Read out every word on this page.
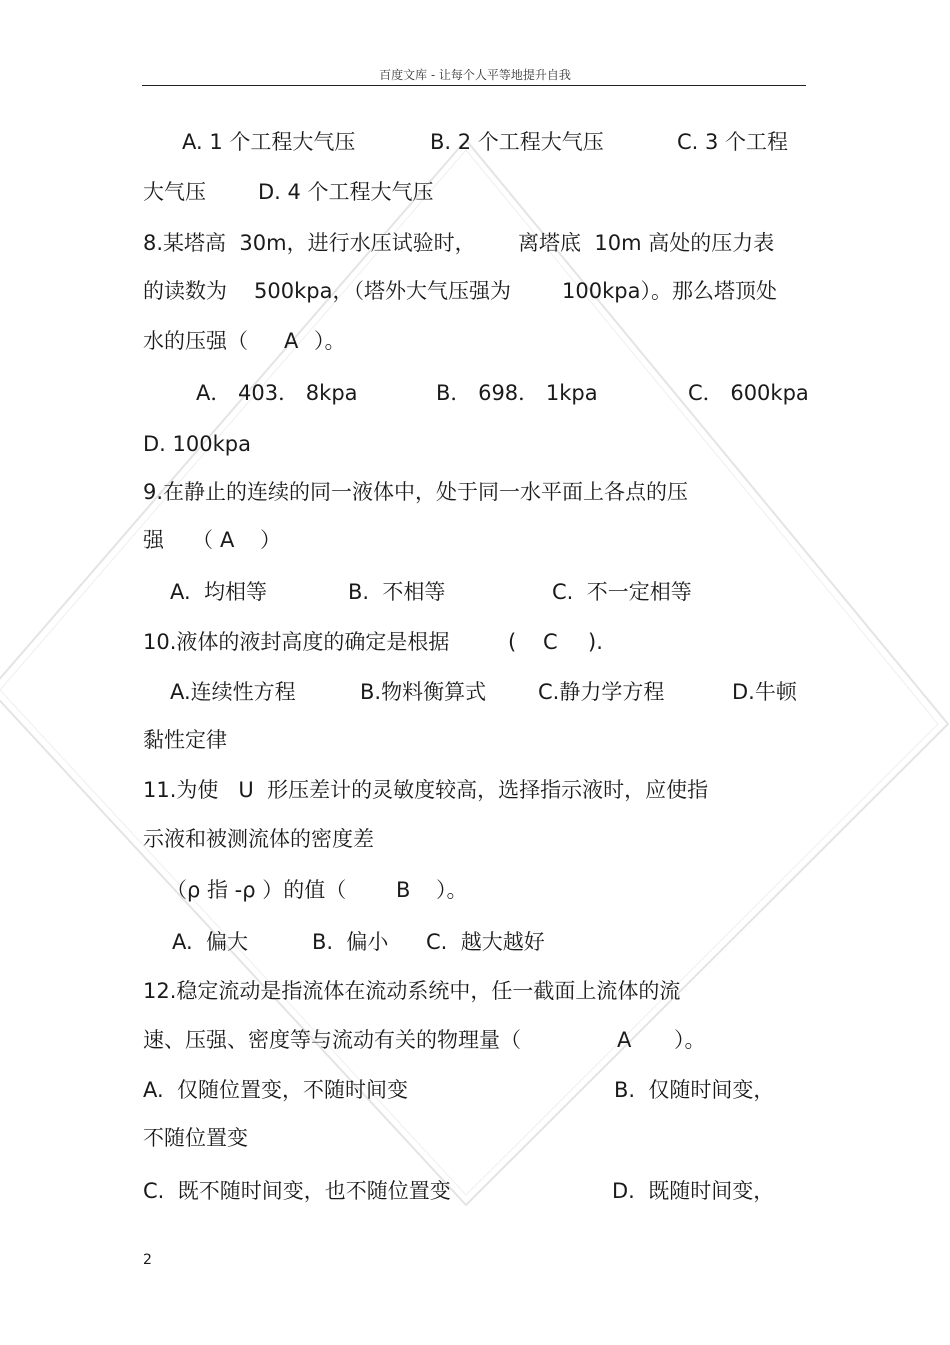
百度文库 - 让每个人平等地提升自我
A. 1 个工程大气压	B. 2 个工程大气压	C. 3 个工程
大气压 D. 4 个工程大气压
8.某塔高  30m，进行水压试验时， 离塔底  10m 高处的压力表
的读数为 500kpa，（塔外大气压强为 100kpa）。那么塔顶处
水的压强（ A ）。
A． 403． 8kpa	B． 698． 1kpa	C． 600kpa
D. 100kpa
9.在静止的连续的同一液体中，处于同一水平面上各点的压
强 （ A ）
A.  均相等	B.  不相等	C.  不一定相等
10.液体的液封高度的确定是根据	( C ).
A.连续性方程	B.物料衡算式 C.静力学方程	D.牛顿
黏性定律
11.为使   U  形压差计的灵敏度较高，选择指示液时，应使指
示液和被测流体的密度差
（ρ 指 -ρ ）的值（ B ）。
A.  偏大	B.  偏小 C.  越大越好
12.稳定流动是指流体在流动系统中，任一截面上流体的流
速、压强、密度等与流动有关的物理量（	A ）。
A.  仅随位置变，不随时间变	B.  仅随时间变，
不随位置变
C.  既不随时间变，也不随位置变	D.  既随时间变，
2
